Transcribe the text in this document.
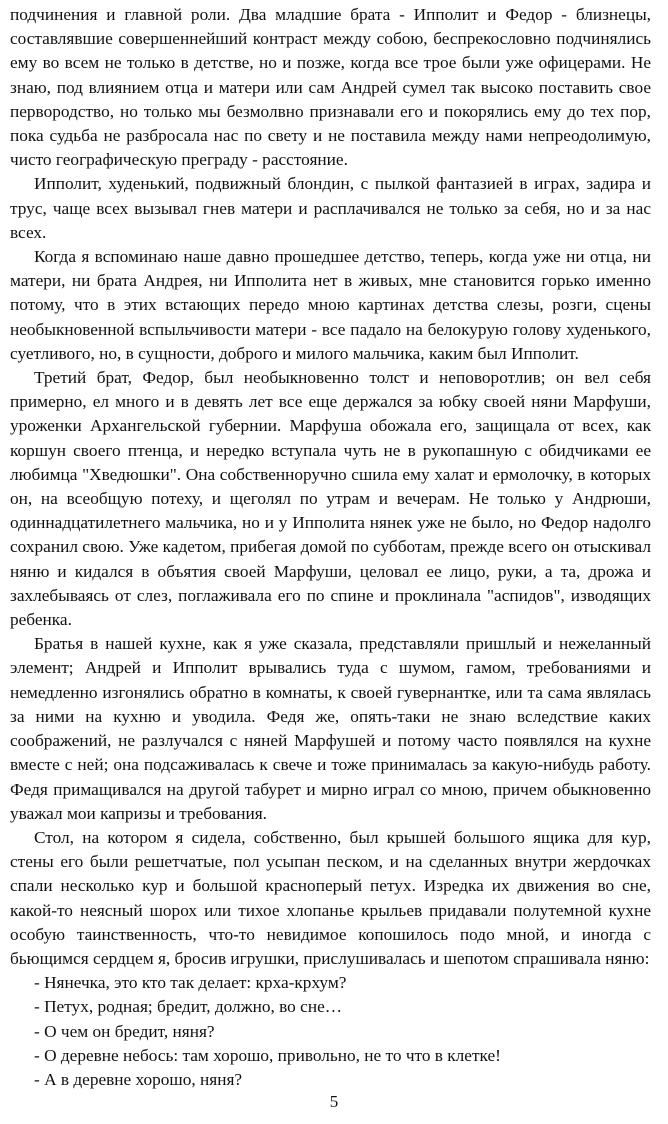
подчинения и главной роли. Два младшие брата - Ипполит и Федор - близнецы, составлявшие совершеннейший контраст между собою, беспрекословно подчинялись ему во всем не только в детстве, но и позже, когда все трое были уже офицерами. Не знаю, под влиянием отца и матери или сам Андрей сумел так высоко поставить свое первородство, но только мы безмолвно признавали его и покорялись ему до тех пор, пока судьба не разбросала нас по свету и не поставила между нами непреодолимую, чисто географическую преграду - расстояние.

Ипполит, худенький, подвижный блондин, с пылкой фантазией в играх, задира и трус, чаще всех вызывал гнев матери и расплачивался не только за себя, но и за нас всех.

Когда я вспоминаю наше давно прошедшее детство, теперь, когда уже ни отца, ни матери, ни брата Андрея, ни Ипполита нет в живых, мне становится горько именно потому, что в этих встающих передо мною картинах детства слезы, розги, сцены необыкновенной вспыльчивости матери - все падало на белокурую голову худенького, суетливого, но, в сущности, доброго и милого мальчика, каким был Ипполит.

Третий брат, Федор, был необыкновенно толст и неповоротлив; он вел себя примерно, ел много и в девять лет все еще держался за юбку своей няни Марфуши, уроженки Архангельской губернии. Марфуша обожала его, защищала от всех, как коршун своего птенца, и нередко вступала чуть не в рукопашную с обидчиками ее любимца "Хведюшки". Она собственноручно сшила ему халат и ермолочку, в которых он, на всеобщую потеху, и щеголял по утрам и вечерам. Не только у Андрюши, одиннадцатилетнего мальчика, но и у Ипполита нянек уже не было, но Федор надолго сохранил свою. Уже кадетом, прибегая домой по субботам, прежде всего он отыскивал няню и кидался в объятия своей Марфуши, целовал ее лицо, руки, а та, дрожа и захлебываясь от слез, поглаживала его по спине и проклинала "аспидов", изводящих ребенка.

Братья в нашей кухне, как я уже сказала, представляли пришлый и нежеланный элемент; Андрей и Ипполит врывались туда с шумом, гамом, требованиями и немедленно изгонялись обратно в комнаты, к своей гувернантке, или та сама являлась за ними на кухню и уводила. Федя же, опять-таки не знаю вследствие каких соображений, не разлучался с няней Марфушей и потому часто появлялся на кухне вместе с ней; она подсаживалась к свече и тоже принималась за какую-нибудь работу. Федя примащивался на другой табурет и мирно играл со мною, причем обыкновенно уважал мои капризы и требования.

Стол, на котором я сидела, собственно, был крышей большого ящика для кур, стены его были решетчатые, пол усыпан песком, и на сделанных внутри жердочках спали несколько кур и большой красноперый петух. Изредка их движения во сне, какой-то неясный шорох или тихое хлопанье крыльев придавали полутемной кухне особую таинственность, что-то невидимое копошилось подо мной, и иногда с бьющимся сердцем я, бросив игрушки, прислушивалась и шепотом спрашивала няню:

- Нянечка, это кто так делает: крха-крхум?

- Петух, родная; бредит, должно, во сне…

- О чем он бредит, няня?

- О деревне небось: там хорошо, привольно, не то что в клетке!

- А в деревне хорошо, няня?

5
